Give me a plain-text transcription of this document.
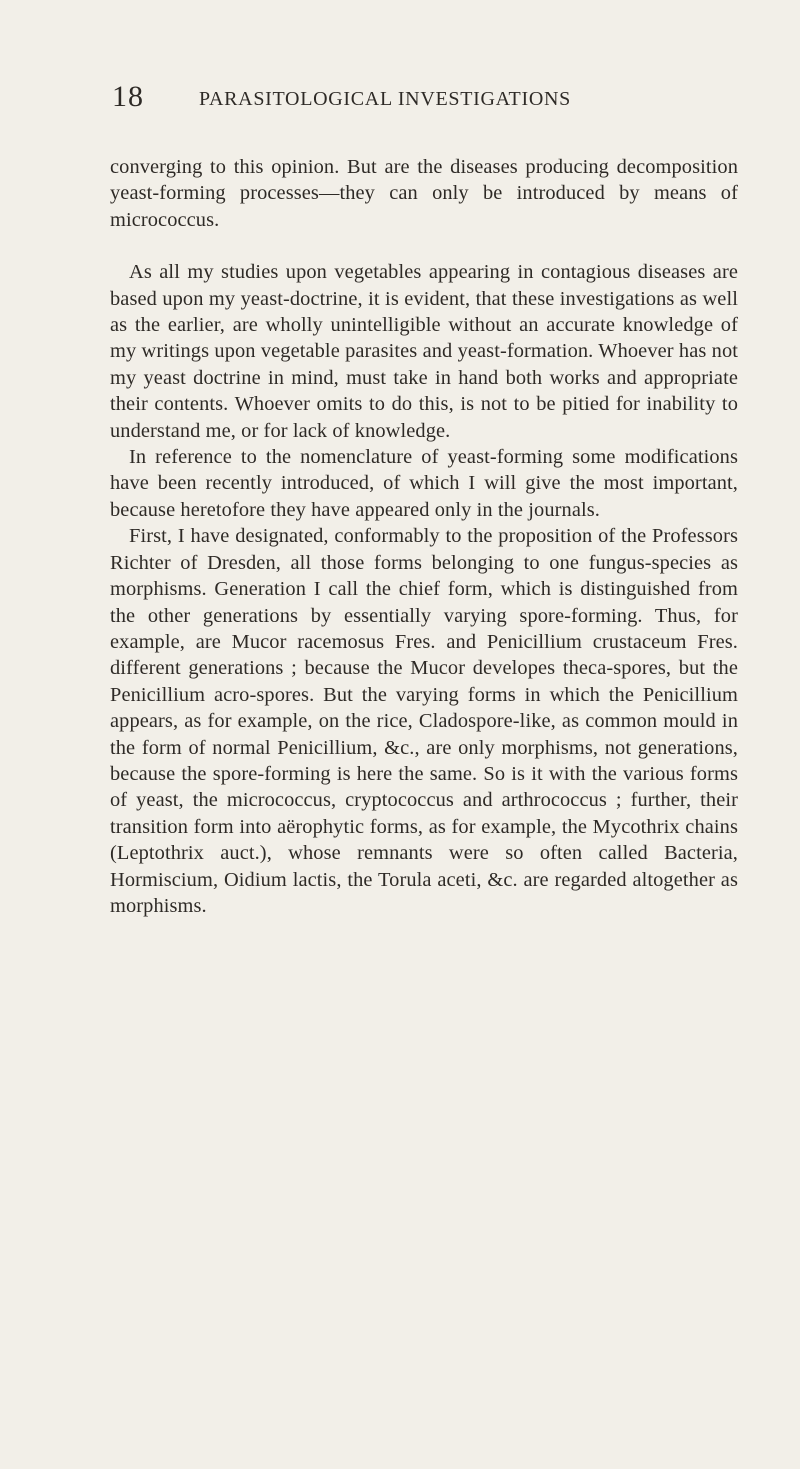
18	PARASITOLOGICAL INVESTIGATIONS

converging to this opinion. But are the diseases producing decomposition yeast-forming processes—they can only be introduced by means of micrococcus.

As all my studies upon vegetables appearing in contagious diseases are based upon my yeast-doctrine, it is evident, that these investigations as well as the earlier, are wholly unintelligible without an accurate knowledge of my writings upon vegetable parasites and yeast-formation. Whoever has not my yeast doctrine in mind, must take in hand both works and appropriate their contents. Whoever omits to do this, is not to be pitied for inability to understand me, or for lack of knowledge.

In reference to the nomenclature of yeast-forming some modifications have been recently introduced, of which I will give the most important, because heretofore they have appeared only in the journals.

First, I have designated, conformably to the proposition of the Professors Richter of Dresden, all those forms belonging to one fungus-species as morphisms. Generation I call the chief form, which is distinguished from the other generations by essentially varying spore-forming. Thus, for example, are Mucor racemosus Fres. and Penicillium crustaceum Fres. different generations ; because the Mucor developes theca-spores, but the Penicillium acro-spores. But the varying forms in which the Penicillium appears, as for example, on the rice, Cladospore-like, as common mould in the form of normal Penicillium, &c., are only morphisms, not generations, because the spore-forming is here the same. So is it with the various forms of yeast, the micrococcus, cryptococcus and arthrococcus ; further, their transition form into aërophytic forms, as for example, the Mycothrix chains (Leptothrix auct.), whose remnants were so often called Bacteria, Hormiscium, Oidium lactis, the Torula aceti, &c. are regarded altogether as morphisms.
